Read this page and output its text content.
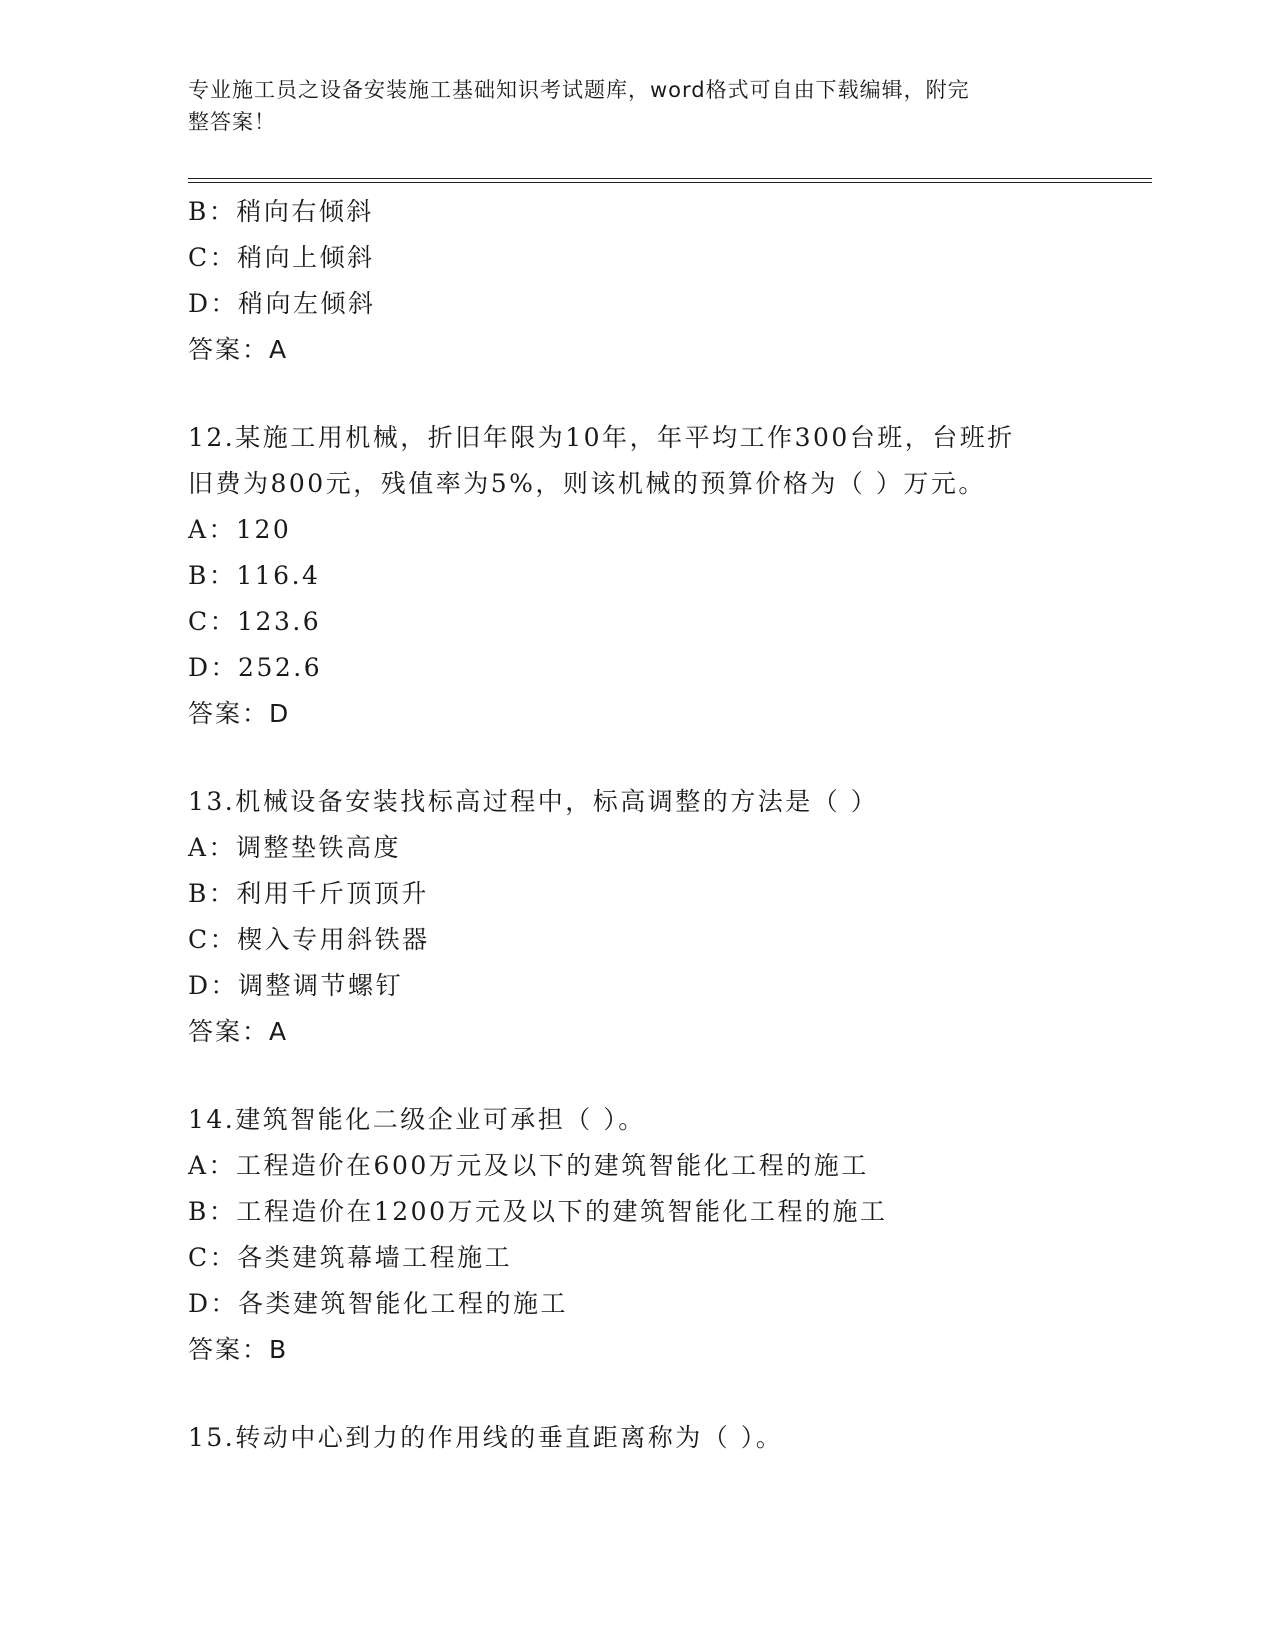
专业施工员之设备安装施工基础知识考试题库，word格式可自由下载编辑，附完
整答案！
B：稍向右倾斜
C：稍向上倾斜
D：稍向左倾斜
答案：A
12.某施工用机械，折旧年限为10年，年平均工作300台班，台班折
旧费为800元，残值率为5%，则该机械的预算价格为（ ）万元。
A：120
B：116.4
C：123.6
D：252.6
答案：D
13.机械设备安装找标高过程中，标高调整的方法是（ ）
A：调整垫铁高度
B：利用千斤顶顶升
C：楔入专用斜铁器
D：调整调节螺钉
答案：A
14.建筑智能化二级企业可承担（ ）。
A：工程造价在600万元及以下的建筑智能化工程的施工
B：工程造价在1200万元及以下的建筑智能化工程的施工
C：各类建筑幕墙工程施工
D：各类建筑智能化工程的施工
答案：B
15.转动中心到力的作用线的垂直距离称为（ ）。
